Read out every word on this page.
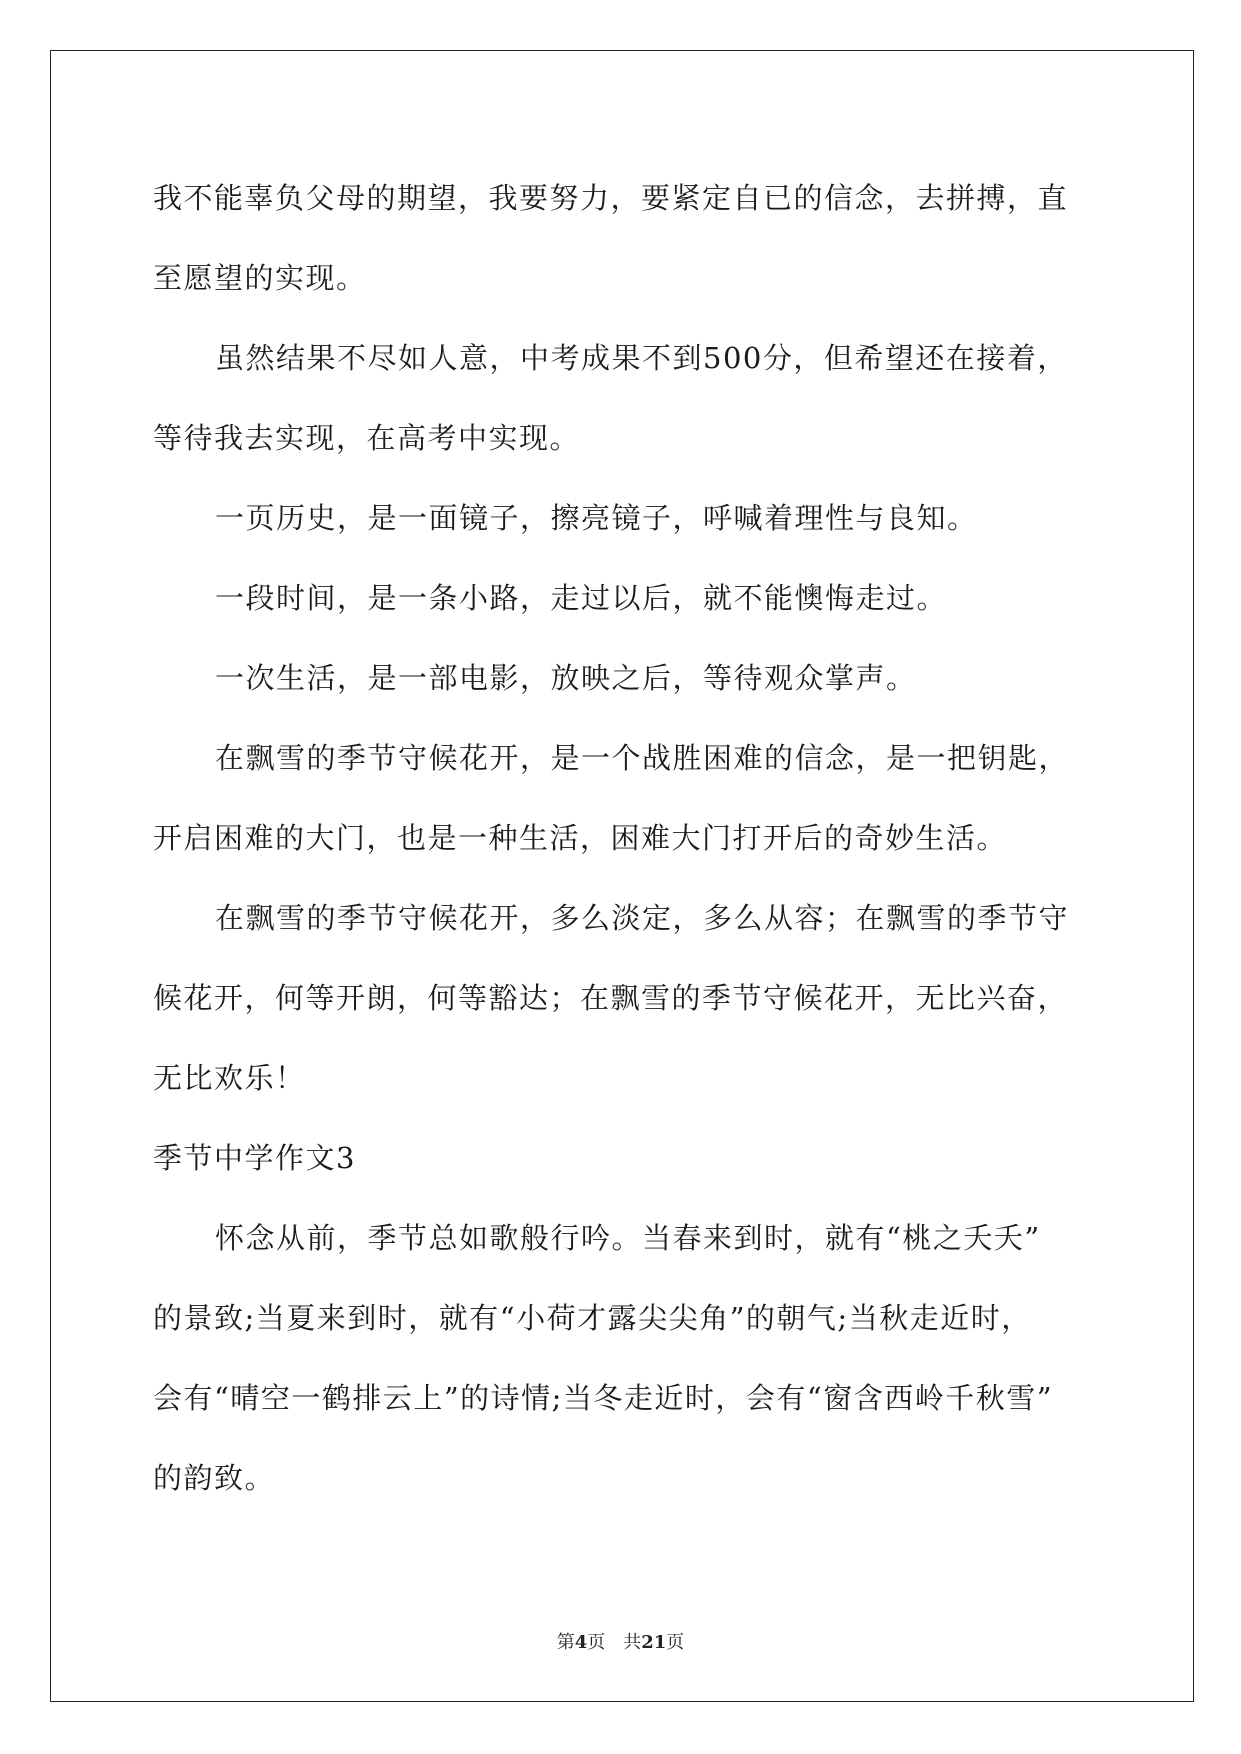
我不能辜负父母的期望，我要努力，要紧定自已的信念，去拼搏，直
至愿望的实现。
虽然结果不尽如人意，中考成果不到500分，但希望还在接着，
等待我去实现，在高考中实现。
一页历史，是一面镜子，擦亮镜子，呼喊着理性与良知。
一段时间，是一条小路，走过以后，就不能懊悔走过。
一次生活，是一部电影，放映之后，等待观众掌声。
在飘雪的季节守候花开，是一个战胜困难的信念，是一把钥匙，
开启困难的大门，也是一种生活，困难大门打开后的奇妙生活。
在飘雪的季节守候花开，多么淡定，多么从容；在飘雪的季节守
候花开，何等开朗，何等豁达；在飘雪的季节守候花开，无比兴奋，
无比欢乐！
季节中学作文3
怀念从前，季节总如歌般行吟。当春来到时，就有“桃之夭夭”
的景致;当夏来到时，就有“小荷才露尖尖角”的朝气;当秋走近时，
会有“晴空一鹤排云上”的诗情;当冬走近时，会有“窗含西岭千秋雪”
的韵致。
第4页 共21页
